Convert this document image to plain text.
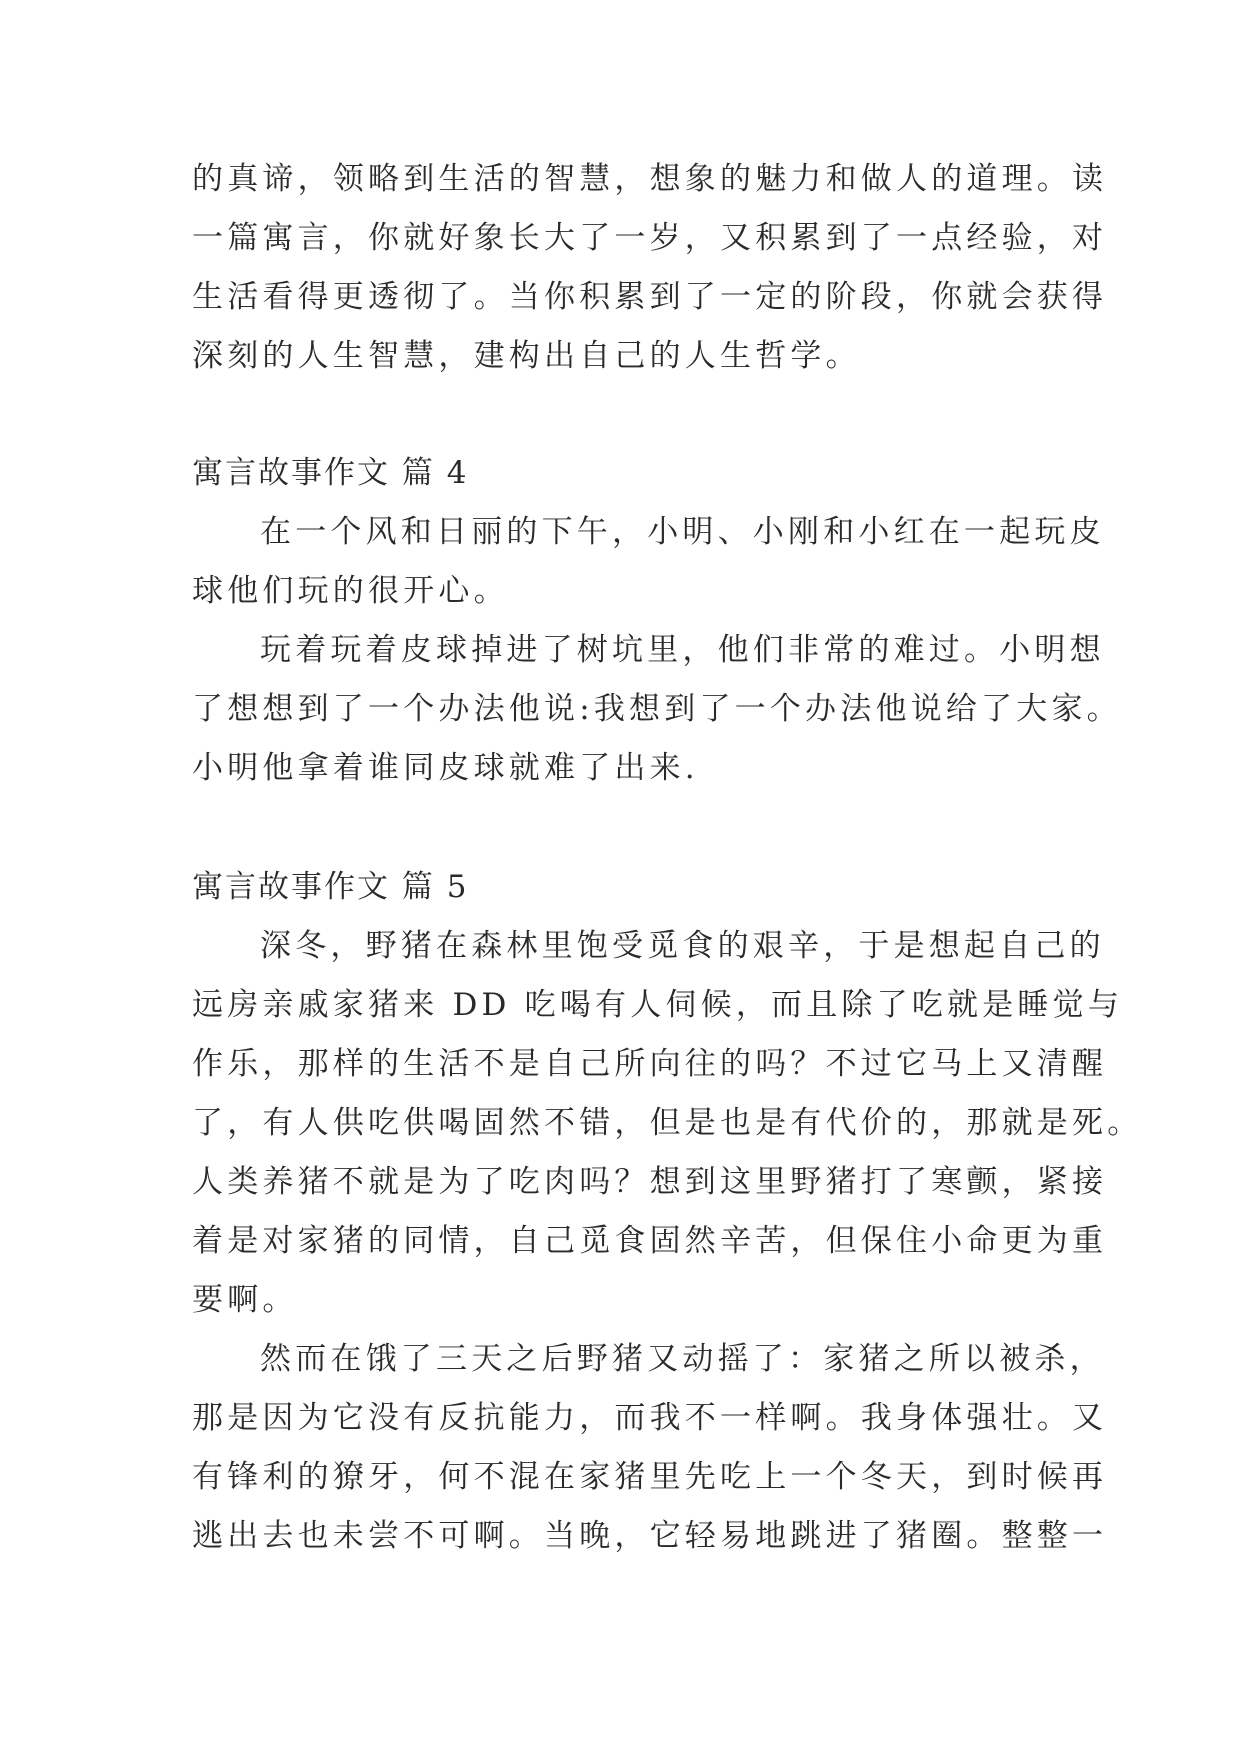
的真谛，领略到生活的智慧，想象的魅力和做人的道理。读
一篇寓言，你就好象长大了一岁，又积累到了一点经验，对
生活看得更透彻了。当你积累到了一定的阶段，你就会获得
深刻的人生智慧，建构出自己的人生哲学。
寓言故事作文 篇 4
在一个风和日丽的下午，小明、小刚和小红在一起玩皮
球他们玩的很开心。
玩着玩着皮球掉进了树坑里，他们非常的难过。小明想
了想想到了一个办法他说:我想到了一个办法他说给了大家。
小明他拿着谁同皮球就难了出来.
寓言故事作文 篇 5
深冬，野猪在森林里饱受觅食的艰辛，于是想起自己的
远房亲戚家猪来 DD 吃喝有人伺候，而且除了吃就是睡觉与
作乐，那样的生活不是自己所向往的吗？不过它马上又清醒
了，有人供吃供喝固然不错，但是也是有代价的，那就是死。
人类养猪不就是为了吃肉吗？想到这里野猪打了寒颤，紧接
着是对家猪的同情，自己觅食固然辛苦，但保住小命更为重
要啊。
然而在饿了三天之后野猪又动摇了：家猪之所以被杀，
那是因为它没有反抗能力，而我不一样啊。我身体强壮。又
有锋利的獠牙，何不混在家猪里先吃上一个冬天，到时候再
逃出去也未尝不可啊。当晚，它轻易地跳进了猪圈。整整一
